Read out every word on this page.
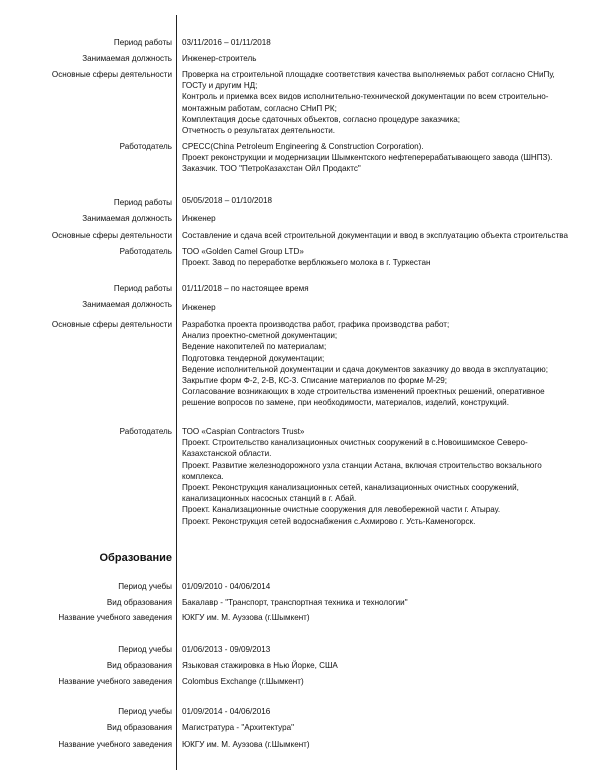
Период работы 03/11/2016 – 01/11/2018
Занимаемая должность Инженер-строитель
Основные сферы деятельности Проверка на строительной площадке соответствия качества выполняемых работ согласно СНиПу,
ГОСТу и другим НД;
Контроль и приемка всех видов исполнительно-технической документации по всем строительно-
монтажным работам, согласно СНиП РК;
Комплектация досье сдаточных объектов, согласно процедуре заказчика;
Отчетность о результатах деятельности.
Работодатель CPECC(China Petroleum Engineering & Construction Corporation).
Проект реконструкции и модернизации Шымкентского нефтеперерабатывающего завода (ШНПЗ).
Заказчик. ТОО "ПетроКазахстан Ойл Продактс"
Период работы 05/05/2018 – 01/10/2018
Занимаемая должность Инженер
Основные сферы деятельности Составление и сдача всей строительной документации и ввод в эксплуатацию объекта строительства
Работодатель ТОО «Golden Camel Group LTD»
Проект. Завод по переработке верблюжьего молока в г. Туркестан
Период работы 01/11/2018 – по настоящее время
Занимаемая должность Инженер
Основные сферы деятельности Разработка проекта производства работ, графика производства работ;
Анализ проектно-сметной документации;
Ведение накопителей по материалам;
Подготовка тендерной документации;
Ведение исполнительной документации и сдача документов заказчику до ввода в эксплуатацию;
Закрытие форм Ф-2, 2-В, КС-3. Списание материалов по форме М-29;
Согласование возникающих в ходе строительства изменений проектных решений, оперативное
решение вопросов по замене, при необходимости, материалов, изделий, конструкций.
Работодатель ТОО «Caspian Contractors Trust»
Проект. Строительство канализационных очистных сооружений в с.Новоишимское Северо-
Казахстанской области.
Проект. Развитие железнодорожного узла станции Астана, включая строительство вокзального
комплекса.
Проект. Реконструкция канализационных сетей, канализационных очистных сооружений,
канализационных насосных станций в г. Абай.
Проект. Канализационные очистные сооружения для левобережной части г. Атырау.
Проект. Реконструкция сетей водоснабжения с.Ахмирово г. Усть-Каменогорск.
Образование
Период учебы 01/09/2010 - 04/06/2014
Вид образования Бакалавр - "Транспорт, транспортная техника и технологии"
Название учебного заведения ЮКГУ им. М. Ауэзова (г.Шымкент)
Период учебы 01/06/2013 - 09/09/2013
Вид образования Языковая стажировка в Нью Йорке, США
Название учебного заведения Colombus Exchange (г.Шымкент)
Период учебы 01/09/2014 - 04/06/2016
Вид образования Магистратура - "Архитектура"
Название учебного заведения ЮКГУ им. М. Ауэзова (г.Шымкент)
